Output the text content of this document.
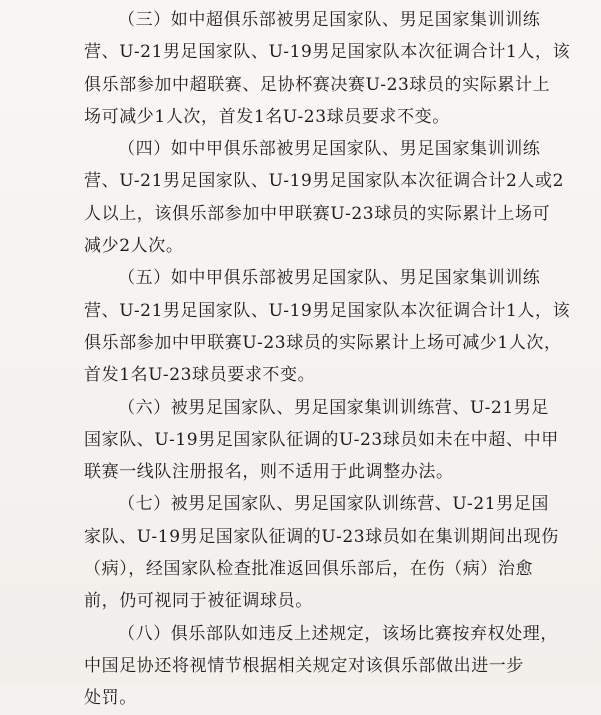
（三）如中超俱乐部被男足国家队、男足国家集训训练
营、U-21男足国家队、U-19男足国家队本次征调合计1人，该
俱乐部参加中超联赛、足协杯赛决赛U-23球员的实际累计上
场可减少1人次，首发1名U-23球员要求不变。

（四）如中甲俱乐部被男足国家队、男足国家集训训练
营、U-21男足国家队、U-19男足国家队本次征调合计2人或2
人以上，该俱乐部参加中甲联赛U-23球员的实际累计上场可
减少2人次。

（五）如中甲俱乐部被男足国家队、男足国家集训训练
营、U-21男足国家队、U-19男足国家队本次征调合计1人，该
俱乐部参加中甲联赛U-23球员的实际累计上场可减少1人次，
首发1名U-23球员要求不变。

（六）被男足国家队、男足国家集训训练营、U-21男足
国家队、U-19男足国家队征调的U-23球员如未在中超、中甲
联赛一线队注册报名，则不适用于此调整办法。

（七）被男足国家队、男足国家队训练营、U-21男足国
家队、U-19男足国家队征调的U-23球员如在集训期间出现伤
（病），经国家队检查批准返回俱乐部后，在伤（病）治愈
前，仍可视同于被征调球员。

（八）俱乐部队如违反上述规定，该场比赛按弃权处理，
中国足协还将视情节根据相关规定对该俱乐部做出进一步
处罚。
